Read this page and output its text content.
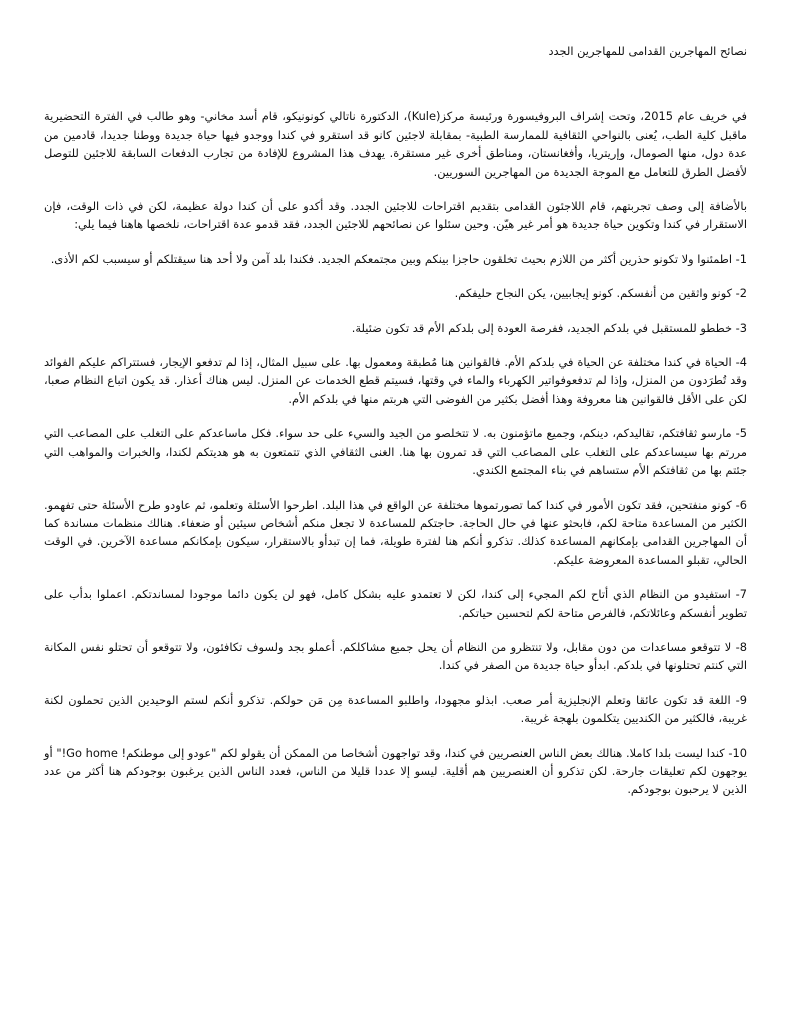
نصائح المهاجرين القدامى للمهاجرين الجدد

في خريف عام 2015، وتحت إشراف البروفيسورة ورئيسة مركز(Kule)، الدكتورة ناتالي كونونيكو، قام أسد مخاني- وهو طالب في الفترة التحضيرية ماقبل كلية الطب، يُعنى بالنواحي الثقافية للممارسة الطبية- بمقابلة لاجئين كانو قد استقرو في كندا ووجدو فيها حياة جديدة ووطنا جديدا، قادمين من عدة دول، منها الصومال، وإريتريا، وأفغانستان، ومناطق أخرى غير مستقرة. يهدف هذا المشروع للإفادة من تجارب الدفعات السابقة للاجئين للتوصل لأفضل الطرق للتعامل مع الموجة الجديدة من المهاجرين السوريين.

بالأضافة إلى وصف تجربتهم، قام اللاجئون القدامى بتقديم اقتراحات للاجئين الجدد. وقد أكدو على أن كندا دولة عظيمة، لكن في ذات الوقت، فإن الاستقرار في كندا وتكوين حياة جديدة هو أمر غير هيّن. وحين سئلوا عن نصائحهم للاجئين الجدد، فقد قدمو عدة اقتراحات، نلخصها هاهنا فيما يلي:

1- اطمئنوا ولا تكونو حذرين أكثر من اللازم بحيث تخلقون حاجزا بينكم وبين مجتمعكم الجديد. فكندا بلد آمن ولا أحد هنا سيقتلكم أو سيسبب لكم الأذى.

2- كونو واثقين من أنفسكم. كونو إيجابيين، يكن النجاح حليفكم.

3- خططو للمستقبل في بلدكم الجديد، ففرصة العودة إلى بلدكم الأم قد تكون ضئيلة.

4- الحياة في كندا مختلفة عن الحياة في بلدكم الأم. فالقوانين هنا مُطبقة ومعمول بها. على سبيل المثال، إذا لم تدفعو الإيجار، فستتراكم عليكم الفوائد وقد تُطرَدون من المنزل، وإذا لم تدفعوفواتير الكهرباء والماء في وقتها، فسيتم قطع الخدمات عن المنزل. ليس هناك أعذار. قد يكون اتباع النظام صعبا، لكن على الأقل فالقوانين هنا معروفة وهذا أفضل بكثير من الفوضى التي هربتم منها في بلدكم الأم.

5- مارسو ثقافتكم، تقاليدكم، دينكم، وجميع ماتؤمنون به. لا تتخلصو من الجيد والسيء على حد سواء. فكل ماساعدكم على التغلب على المصاعب التي مررتم بها سيساعدكم على التغلب على المصاعب التي قد تمرون بها هنا. الغنى الثقافي الذي تتمتعون به هو هديتكم لكندا، والخبرات والمواهب التي جئتم بها من ثقافتكم الأم ستساهم في بناء المجتمع الكندي.

6- كونو منفتحين، فقد تكون الأمور في كندا كما تصورتموها مختلفة عن الواقع في هذا البلد. اطرحوا الأسئلة وتعلمو، ثم عاودو طرح الأسئلة حتى تفهمو. الكثير من المساعدة متاحة لكم، فابحثو عنها في حال الحاجة. حاجتكم للمساعدة لا تجعل منكم أشخاص سيئين أو ضعفاء. هنالك منظمات مساندة كما أن المهاجرين القدامى بإمكانهم المساعدة كذلك. تذكرو أنكم هنا لفترة طويلة، فما إن تبدأو بالاستقرار، سيكون بإمكانكم مساعدة الآخرين. في الوقت الحالي، تقبلو المساعدة المعروضة عليكم.

7- استفيدو من النظام الذي أتاح لكم المجيء إلى كندا، لكن لا تعتمدو عليه بشكل كامل، فهو لن يكون دائما موجودا لمساندتكم. اعملوا بدأب على تطوير أنفسكم وعائلاتكم، فالفرص متاحة لكم لتحسين حياتكم.

8- لا تتوقعو مساعدات من دون مقابل، ولا تنتظرو من النظام أن يحل جميع مشاكلكم. أعملو بجد ولسوف تكافئون، ولا تتوقعو أن تحتلو نفس المكانة التي كنتم تحتلونها في بلدكم. ابدأو حياة جديدة من الصفر في كندا.

9- اللغة قد تكون عائقا وتعلم الإنجليزية أمر صعب. ابذلو مجهودا، واطلبو المساعدة مِن مَن حولكم. تذكرو أنكم لستم الوحيدين الذين تحملون لكنة غريبة، فالكثير من الكنديين يتكلمون بلهجة غريبة.

10- كندا ليست بلدا كاملا. هنالك بعض الناس العنصريين في كندا، وقد تواجهون أشخاصا من الممكن أن يقولو لكم "عودو إلى موطنكم! Go home!" أو يوجهون لكم تعليقات جارحة. لكن تذكرو أن العنصريين هم أقلية. ليسو إلا عددا قليلا من الناس، فعدد الناس الذين يرغبون بوجودكم هنا أكثر من عدد الذين لا يرحبون بوجودكم.
